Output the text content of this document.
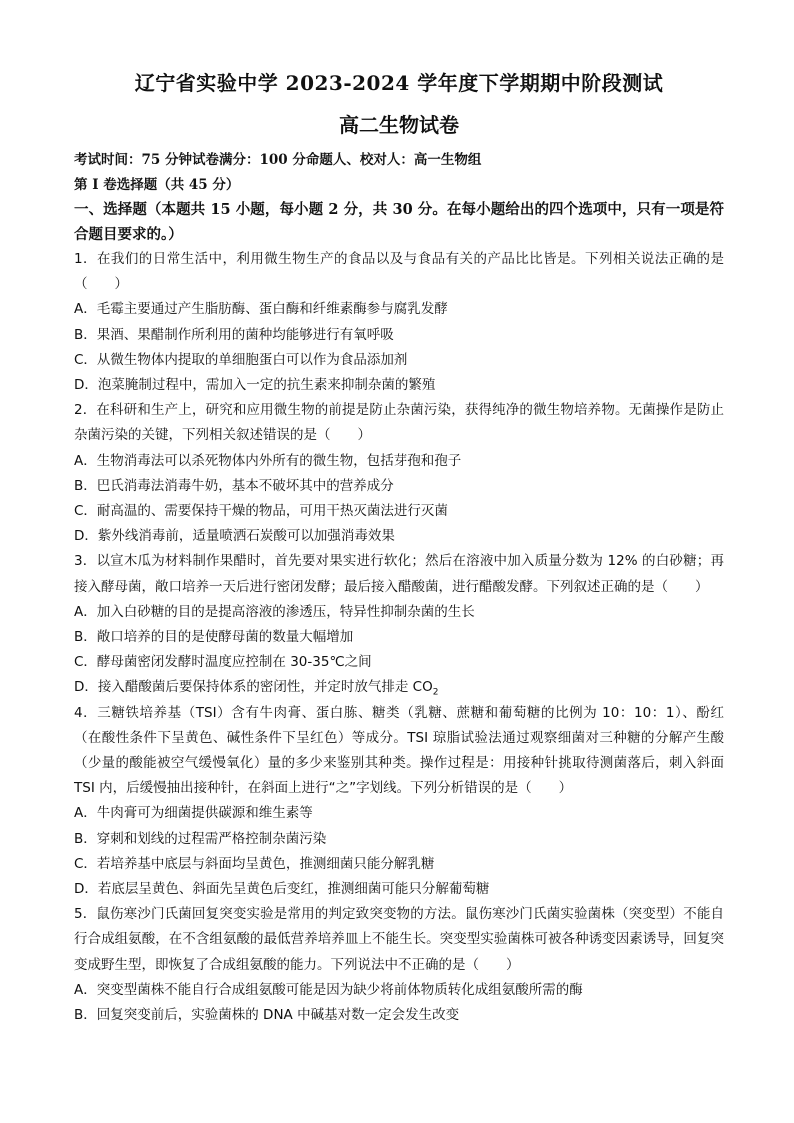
辽宁省实验中学 2023-2024 学年度下学期期中阶段测试
高二生物试卷

考试时间：75 分钟试卷满分：100 分命题人、校对人：高一生物组

第 I 卷选择题（共 45 分）

一、选择题（本题共 15 小题，每小题 2 分，共 30 分。在每小题给出的四个选项中，只有一项是符合题目要求的。）

1．在我们的日常生活中，利用微生物生产的食品以及与食品有关的产品比比皆是。下列相关说法正确的是（　　）

A．毛霉主要通过产生脂肪酶、蛋白酶和纤维素酶参与腐乳发酵

B．果酒、果醋制作所利用的菌种均能够进行有氧呼吸

C．从微生物体内提取的单细胞蛋白可以作为食品添加剂

D．泡菜腌制过程中，需加入一定的抗生素来抑制杂菌的繁殖

2．在科研和生产上，研究和应用微生物的前提是防止杂菌污染，获得纯净的微生物培养物。无菌操作是防止杂菌污染的关键，下列相关叙述错误的是（　　）

A．生物消毒法可以杀死物体内外所有的微生物，包括芽孢和孢子

B．巴氏消毒法消毒牛奶，基本不破坏其中的营养成分

C．耐高温的、需要保持干燥的物品，可用干热灭菌法进行灭菌

D．紫外线消毒前，适量喷洒石炭酸可以加强消毒效果

3．以宣木瓜为材料制作果醋时，首先要对果实进行软化；然后在溶液中加入质量分数为 12% 的白砂糖；再接入酵母菌，敞口培养一天后进行密闭发酵；最后接入醋酸菌，进行醋酸发酵。下列叙述正确的是（　　）

A．加入白砂糖的目的是提高溶液的渗透压，特异性抑制杂菌的生长

B．敞口培养的目的是使酵母菌的数量大幅增加

C．酵母菌密闭发酵时温度应控制在 30-35℃之间

D．接入醋酸菌后要保持体系的密闭性，并定时放气排走 $CO_2$

4．三糖铁培养基（TSI）含有牛肉膏、蛋白胨、糖类（乳糖、蔗糖和葡萄糖的比例为 10：10：1）、酚红（在酸性条件下呈黄色、碱性条件下呈红色）等成分。TSI 琼脂试验法通过观察细菌对三种糖的分解产生酸（少量的酸能被空气缓慢氧化）量的多少来鉴别其种类。操作过程是：用接种针挑取待测菌落后，刺入斜面 TSI 内，后缓慢抽出接种针，在斜面上进行“之”字划线。下列分析错误的是（　　）

A．牛肉膏可为细菌提供碳源和维生素等

B．穿刺和划线的过程需严格控制杂菌污染

C．若培养基中底层与斜面均呈黄色，推测细菌只能分解乳糖

D．若底层呈黄色、斜面先呈黄色后变红，推测细菌可能只分解葡萄糖

5．鼠伤寒沙门氏菌回复突变实验是常用的判定致突变物的方法。鼠伤寒沙门氏菌实验菌株（突变型）不能自行合成组氨酸，在不含组氨酸的最低营养培养皿上不能生长。突变型实验菌株可被各种诱变因素诱导，回复突变成野生型，即恢复了合成组氨酸的能力。下列说法中不正确的是（　　）

A．突变型菌株不能自行合成组氨酸可能是因为缺少将前体物质转化成组氨酸所需的酶

B．回复突变前后，实验菌株的 DNA 中碱基对数一定会发生改变
